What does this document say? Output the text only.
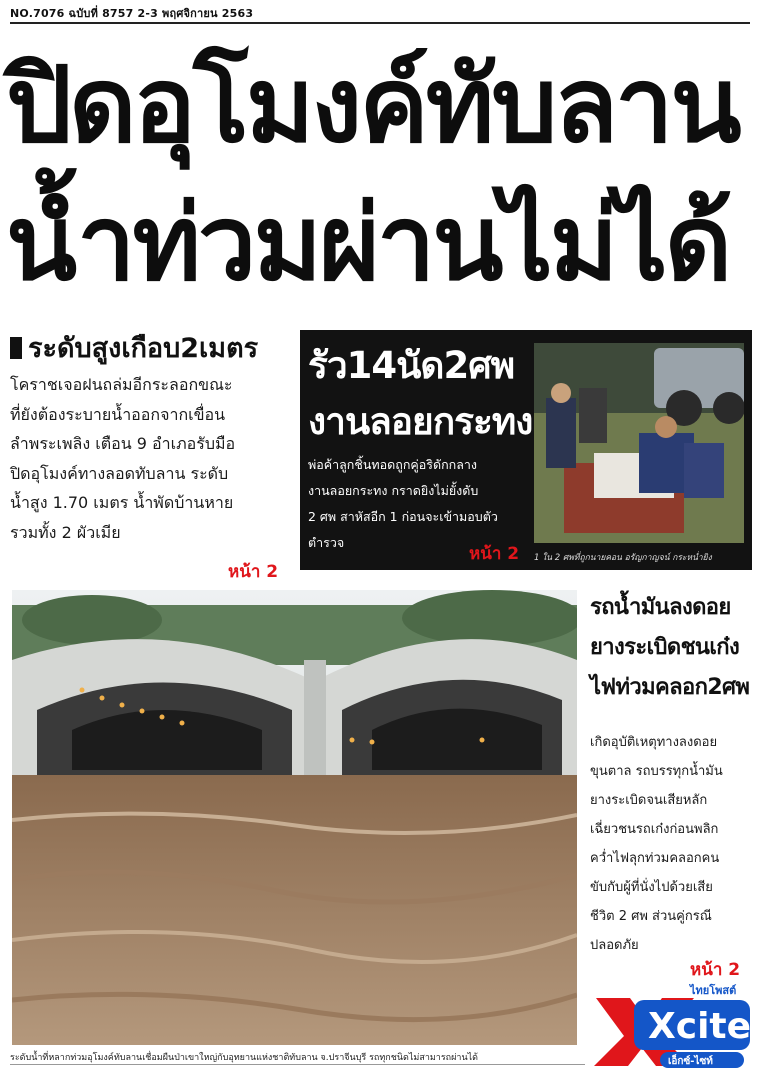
NO.7076 ฉบับที่ 8757 2-3 พฤศจิกายน 2563
ปิดอุโมงค์ทับลาน
น้ำท่วมผ่านไม่ได้
ระดับสูงเกือบ2เมตร
โคราชเจอฝนถล่มอีกระลอกขณะ
ที่ยังต้องระบายน้ำออกจากเขื่อน
ลำพระเพลิง เตือน 9 อำเภอรับมือ
ปิดอุโมงค์ทางลอดทับลาน ระดับ
น้ำสูง 1.70 เมตร น้ำพัดบ้านหาย
รวมทั้ง 2 ผัวเมีย
หน้า 2
รัว14นัด2ศพ
งานลอยกระทง
พ่อค้าลูกชิ้นทอดถูกคู่อริดักกลาง
งานลอยกระทง กราดยิงไม่ยั้งดับ
2 ศพ สาหัสอีก 1 ก่อนจะเข้ามอบตัว
ตำรวจ
หน้า 2 1 ใน 2 ศพที่ถูกนายคอน อรัญกาญจน์ กระหน่ำยิง
ระดับน้ำที่หลากท่วมอุโมงค์ทับลานเชื่อมผืนป่าเขาใหญ่กับอุทยานแห่งชาติทับลาน จ.ปราจีนบุรี รถทุกชนิดไม่สามารถผ่านได้
รถน้ำมันลงดอย
ยางระเบิดชนเก๋ง
ไฟท่วมคลอก2ศพ
เกิดอุบัติเหตุทางลงดอย
ขุนตาล รถบรรทุกน้ำมัน
ยางระเบิดจนเสียหลัก
เฉี่ยวชนรถเก๋งก่อนพลิก
คว่ำไฟลุกท่วมคลอกคน
ขับกับผู้ที่นั่งไปด้วยเสีย
ชีวิต 2 ศพ ส่วนคู่กรณี
ปลอดภัย
หน้า 2
ไทยโพสต์
Xcite
เอ็กซ์-ไซท์
